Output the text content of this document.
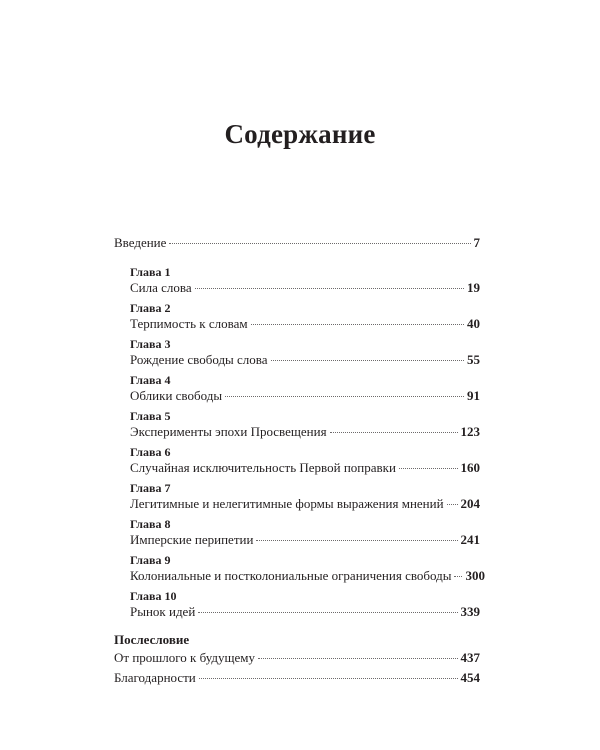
Содержание
Введение	7
Глава 1
Сила слова	19
Глава 2
Терпимость к словам	40
Глава 3
Рождение свободы слова	55
Глава 4
Облики свободы	91
Глава 5
Эксперименты эпохи Просвещения	123
Глава 6
Случайная исключительность Первой поправки	160
Глава 7
Легитимные и нелегитимные формы выражения мнений 204
Глава 8
Имперские перипетии	241
Глава 9
Колониальные и постколониальные ограничения свободы 300
Глава 10
Рынок идей	339
Послесловие
От прошлого к будущему	437
Благодарности	454
